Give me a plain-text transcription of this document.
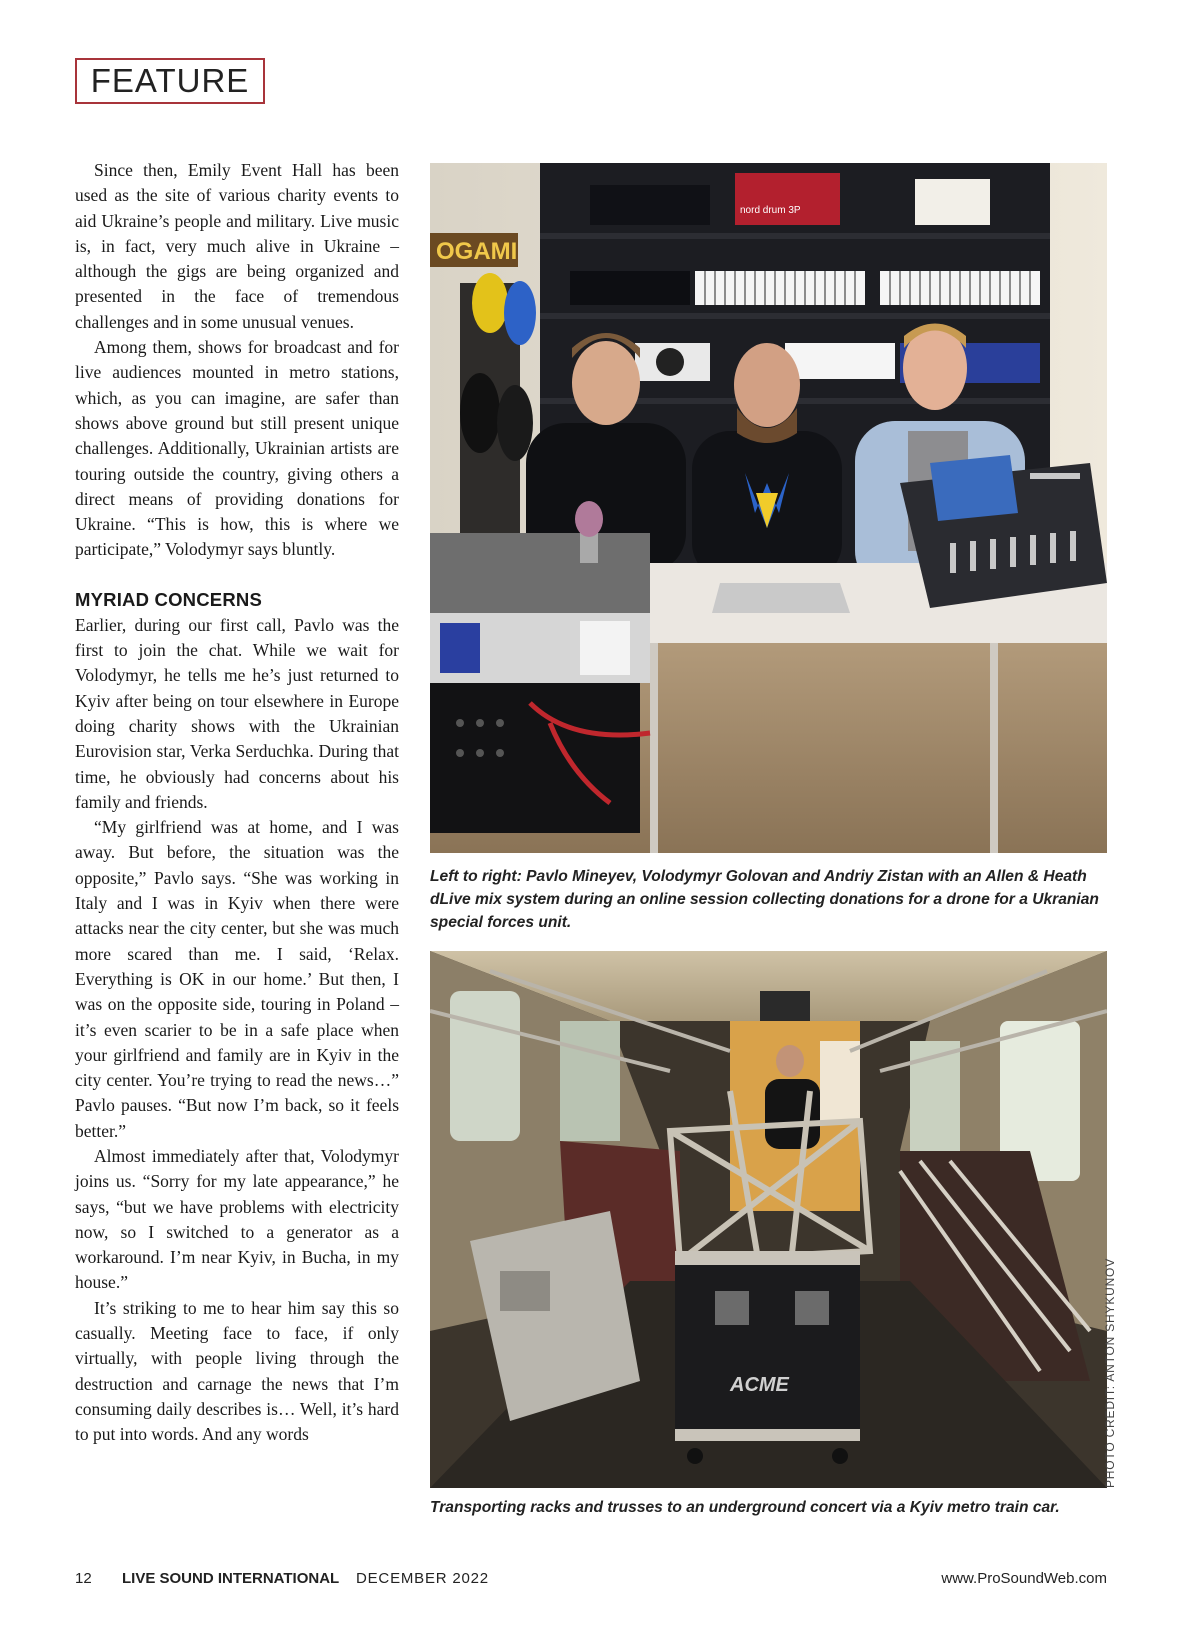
FEATURE

Since then, Emily Event Hall has been used as the site of various charity events to aid Ukraine’s people and military. Live music is, in fact, very much alive in Ukraine – although the gigs are being organized and presented in the face of tremendous challenges and in some unusual venues.

Among them, shows for broadcast and for live audiences mounted in metro stations, which, as you can imagine, are safer than shows above ground but still present unique challenges. Additionally, Ukrainian artists are touring outside the country, giving others a direct means of providing donations for Ukraine. “This is how, this is where we participate,” Volodymyr says bluntly.

MYRIAD CONCERNS

Earlier, during our first call, Pavlo was the first to join the chat. While we wait for Volodymyr, he tells me he’s just returned to Kyiv after being on tour elsewhere in Europe doing charity shows with the Ukrainian Eurovision star, Verka Serduchka. During that time, he obviously had concerns about his family and friends.

“My girlfriend was at home, and I was away. But before, the situation was the opposite,” Pavlo says. “She was working in Italy and I was in Kyiv when there were attacks near the city center, but she was much more scared than me. I said, ‘Relax. Everything is OK in our home.’ But then, I was on the opposite side, touring in Poland – it’s even scarier to be in a safe place when your girlfriend and family are in Kyiv in the city center. You’re trying to read the news…” Pavlo pauses. “But now I’m back, so it feels better.”

Almost immediately after that, Volodymyr joins us. “Sorry for my late appearance,” he says, “but we have problems with electricity now, so I switched to a generator as a workaround. I’m near Kyiv, in Bucha, in my house.”

It’s striking to me to hear him say this so casually. Meeting face to face, if only virtually, with people living through the destruction and carnage the news that I’m consuming daily describes is… Well, it’s hard to put into words. And any words

nord drum 3P
OGAMI
Left to right: Pavlo Mineyev, Volodymyr Golovan and Andriy Zistan with an Allen & Heath dLive mix system during an online session collecting donations for a drone for a Ukranian special forces unit.
ACME	PHOTO CREDIT: ANTON SHYKUNOV
Transporting racks and trusses to an underground concert via a Kyiv metro train car.
12 LIVE SOUND INTERNATIONAL DECEMBER 2022	www.ProSoundWeb.com
